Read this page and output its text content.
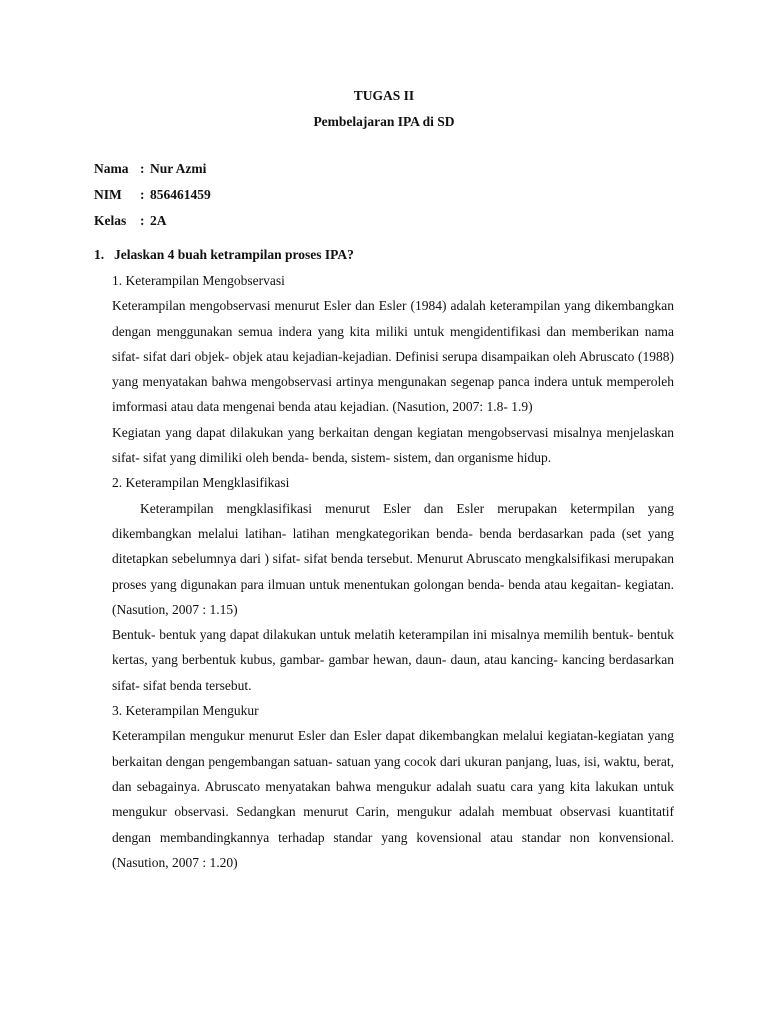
TUGAS II

Pembelajaran IPA di SD

Nama : Nur Azmi
NIM	: 856461459
Kelas	: 2A
1. Jelaskan 4 buah ketrampilan proses IPA?

1. Keterampilan Mengobservasi

Keterampilan mengobservasi menurut Esler dan Esler (1984) adalah keterampilan yang dikembangkan dengan menggunakan semua indera yang kita miliki untuk mengidentifikasi dan memberikan nama sifat- sifat dari objek- objek atau kejadian-kejadian. Definisi serupa disampaikan oleh Abruscato (1988) yang menyatakan bahwa mengobservasi artinya mengunakan segenap panca indera untuk memperoleh imformasi atau data mengenai benda atau kejadian. (Nasution, 2007: 1.8- 1.9)

Kegiatan yang dapat dilakukan yang berkaitan dengan kegiatan mengobservasi misalnya menjelaskan sifat- sifat yang dimiliki oleh benda- benda, sistem- sistem, dan organisme hidup.

2. Keterampilan Mengklasifikasi

Keterampilan mengklasifikasi menurut Esler dan Esler merupakan ketermpilan yang dikembangkan melalui latihan- latihan mengkategorikan benda- benda berdasarkan pada (set yang ditetapkan sebelumnya dari ) sifat- sifat benda tersebut. Menurut Abruscato mengkalsifikasi merupakan proses yang digunakan para ilmuan untuk menentukan golongan benda- benda atau kegaitan- kegiatan. (Nasution, 2007 : 1.15)

Bentuk- bentuk yang dapat dilakukan untuk melatih keterampilan ini misalnya memilih bentuk- bentuk kertas, yang berbentuk kubus, gambar- gambar hewan, daun- daun, atau kancing- kancing berdasarkan sifat- sifat benda tersebut.

3. Keterampilan Mengukur

Keterampilan mengukur menurut Esler dan Esler dapat dikembangkan melalui kegiatan-kegiatan yang berkaitan dengan pengembangan satuan- satuan yang cocok dari ukuran panjang, luas, isi, waktu, berat, dan sebagainya. Abruscato menyatakan bahwa mengukur adalah suatu cara yang kita lakukan untuk mengukur observasi. Sedangkan menurut Carin, mengukur adalah membuat observasi kuantitatif dengan membandingkannya terhadap standar yang kovensional atau standar non konvensional. (Nasution, 2007 : 1.20)
